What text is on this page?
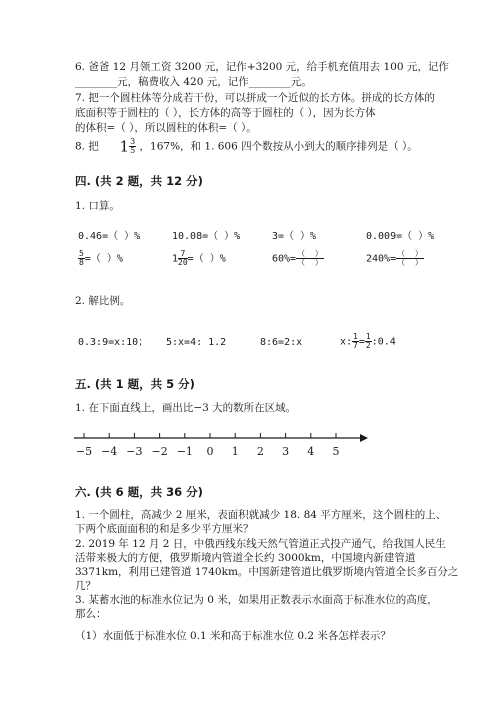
6. 爸爸 12 月领工资 3200 元，记作+3200 元，给手机充值用去 100 元，记作
________元，稿费收入 420 元，记作________元。
7. 把一个圆柱体等分成若干份，可以拼成一个近似的长方体。拼成的长方体的
底面积等于圆柱的（ ），长方体的高等于圆柱的（ ），因为长方体
的体积=（ ），所以圆柱的体积=（ ）。
8. 把 $1 \frac{3}{5}$ ，167%，和 1. 606 四个数按从小到大的顺序排列是（ ）。
四. (共 2 题，共 12 分)
1. 口算。
0.46=（ ）%	10.08=（ ）%	3=（ ）%	0.009=（ ）%
$\frac{5}{8}$ =（ ）%	$1 \frac{7}{20}$ =（ ）%	$60\%= \frac{( )}{( )}$	$240\%= \frac{( )}{( )}$
2. 解比例。
0.3:9=x:10； 5:x=4: 1.2	8:6=2:x	x: $\frac{1}{7} = \frac{1}{2}$ :0.4
五. (共 1 题，共 5 分)
1. 在下面直线上，画出比−3 大的数所在区域。
−5 −4 −3 −2 −1 0 1 2 3 4 5
六. (共 6 题，共 36 分)
1. 一个圆柱，高减少 2 厘米，表面积就减少 18. 84 平方厘米，这个圆柱的上、
下两个底面面积的和是多少平方厘米？
2. 2019 年 12 月 2 日，中俄西线东线天然气管道正式投产通气，给我国人民生
活带来极大的方便，俄罗斯境内管道全长约 3000km，中国境内新建管道
3371km，利用已建管道 1740km。中国新建管道比俄罗斯境内管道全长多百分之
几？
3. 某蓄水池的标准水位记为 0 米，如果用正数表示水面高于标准水位的高度，
那么：
（1）水面低于标准水位 0.1 米和高于标准水位 0.2 米各怎样表示？
